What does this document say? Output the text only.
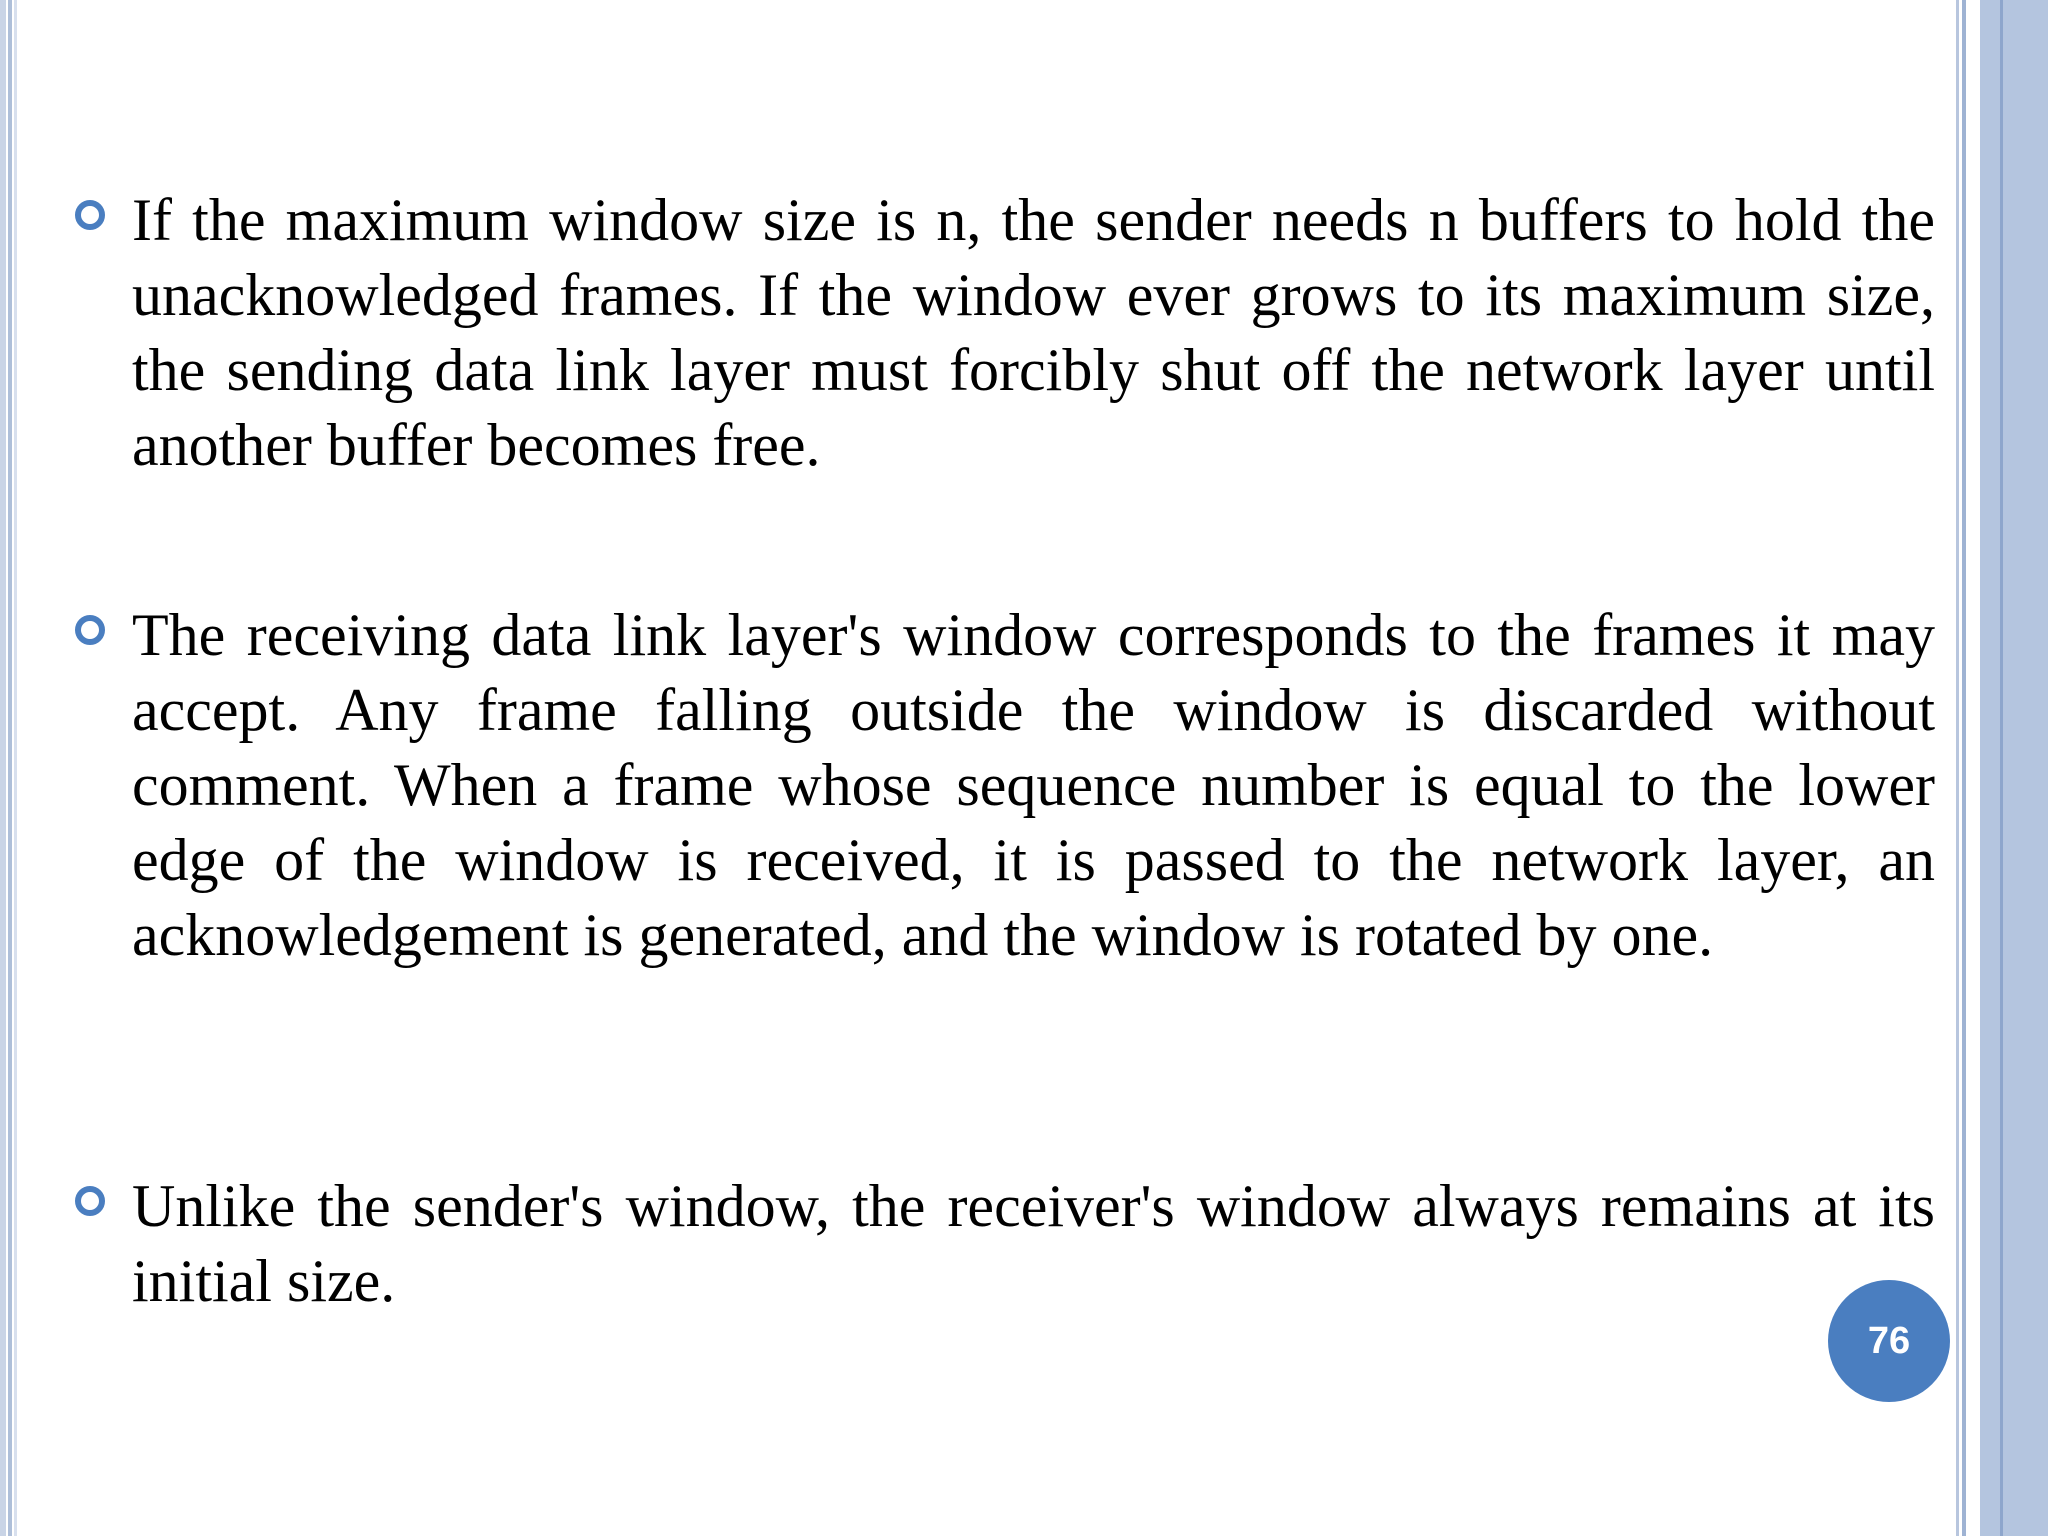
If the maximum window size is n, the sender needs n buffers to hold the unacknowledged frames. If the window ever grows to its maximum size, the sending data link layer must forcibly shut off the network layer until another buffer becomes free.

The receiving data link layer's window corresponds to the frames it may accept. Any frame falling outside the window is discarded without comment. When a frame whose sequence number is equal to the lower edge of the window is received, it is passed to the network layer, an acknowledgement is generated, and the window is rotated by one.

Unlike the sender's window, the receiver's window always remains at its initial size.

76
